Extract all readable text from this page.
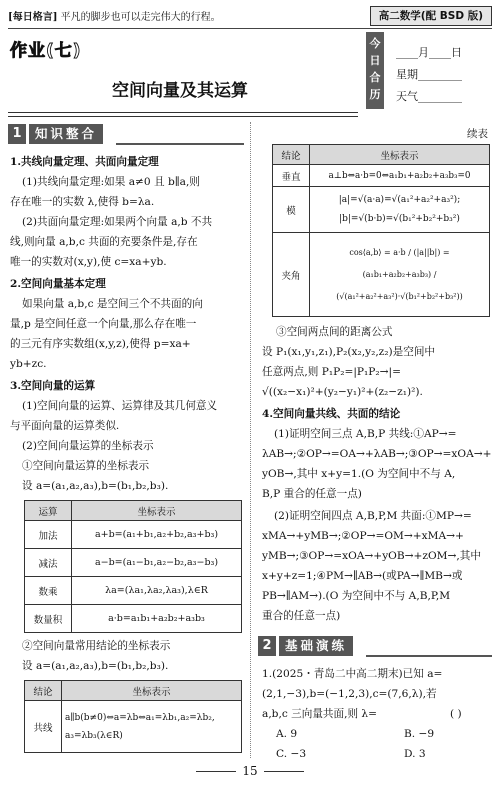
[每日格言] 平凡的脚步也可以走完伟大的行程。	高二数学(配 BSD 版)
作业(七)
空间向量及其运算
今
日
合
历
____月____日
星期________
天气________
1	知识整合
1.共线向量定理、共面向量定理
(1)共线向量定理:如果 a≠0 且 b∥a,则
存在唯一的实数 λ,使得 b=λa.
(2)共面向量定理:如果两个向量 a,b 不共
线,则向量 a,b,c 共面的充要条件是,存在
唯一的实数对(x,y),使 c=xa+yb.
2.空间向量基本定理
如果向量 a,b,c 是空间三个不共面的向
量,p 是空间任意一个向量,那么存在唯一
的三元有序实数组(x,y,z),使得 p=xa+
yb+zc.
3.空间向量的运算
(1)空间向量的运算、运算律及其几何意义
与平面向量的运算类似.
(2)空间向量运算的坐标表示
①空间向量运算的坐标表示
设 a=(a₁,a₂,a₃),b=(b₁,b₂,b₃).
运算	坐标表示
加法	a+b=(a₁+b₁,a₂+b₂,a₃+b₃)
减法	a−b=(a₁−b₁,a₂−b₂,a₃−b₃)
数乘	λa=(λa₁,λa₂,λa₃),λ∈R
数量积	a·b=a₁b₁+a₂b₂+a₃b₃
②空间向量常用结论的坐标表示
设 a=(a₁,a₂,a₃),b=(b₁,b₂,b₃).
结论	坐标表示
共线	a∥b(b≠0)⇔a=λb⇔a₁=λb₁,a₂=λb₂,
a₃=λb₃(λ∈R)
续表
结论	坐标表示
垂直	a⊥b⇔a·b=0⇔a₁b₁+a₂b₂+a₃b₃=0
模	|a|=√(a·a)=√(a₁²+a₂²+a₃²);
|b|=√(b·b)=√(b₁²+b₂²+b₃²)

夹角	cos⟨a,b⟩ = a·b / (|a||b|) =
(a₁b₁+a₂b₂+a₃b₃) / (√(a₁²+a₂²+a₃²)·√(b₁²+b₂²+b₃²))
③空间两点间的距离公式
设 P₁(x₁,y₁,z₁),P₂(x₂,y₂,z₂)是空间中
任意两点,则 P₁P₂=|P₁P₂→|=
√((x₂−x₁)²+(y₂−y₁)²+(z₂−z₁)²).
4.空间向量共线、共面的结论
(1)证明空间三点 A,B,P 共线:①AP→=
λAB→;②OP→=OA→+λAB→;③OP→=xOA→+
yOB→,其中 x+y=1.(O 为空间中不与 A,
B,P 重合的任意一点)
(2)证明空间四点 A,B,P,M 共面:①MP→=
xMA→+yMB→;②OP→=OM→+xMA→+
yMB→;③OP→=xOA→+yOB→+zOM→,其中
x+y+z=1;④PM→∥AB→(或PA→∥MB→或
PB→∥AM→).(O 为空间中不与 A,B,P,M
重合的任意一点)
2	基础演练
1.(2025・青岛二中高二期末)已知 a=
(2,1,−3),b=(−1,2,3),c=(7,6,λ),若
a,b,c 三向量共面,则 λ=	( )
A. 9	B. −9
C. −3	D. 3
15
